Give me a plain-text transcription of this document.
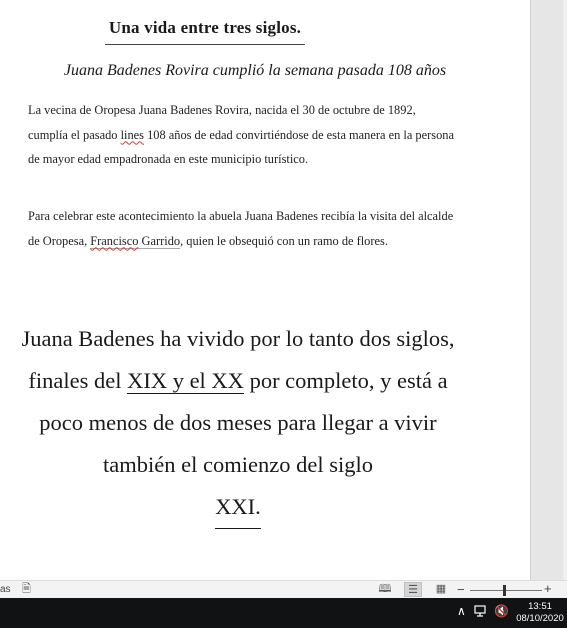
Una vida entre tres siglos.
Juana Badenes Rovira cumplió la semana pasada 108 años

La vecina de Oropesa Juana Badenes Rovira, nacida el 30 de octubre de 1892, cumplía el pasado lines 108 años de edad convirtiéndose de esta manera en la persona de mayor edad empadronada en este municipio turístico.

Para celebrar este acontecimiento la abuela Juana Badenes recibía la visita del alcalde de Oropesa, Francisco Garrido, quien le obsequió con un ramo de flores.

Juana Badenes ha vivido por lo tanto dos siglos, finales del XIX y el XX por completo, y está a poco menos de dos meses para llegar a vivir también el comienzo del siglo
XXI.

as 🗎	🕮	☰	▦ −	+
∧ 🔇	13:51
08/10/2020
